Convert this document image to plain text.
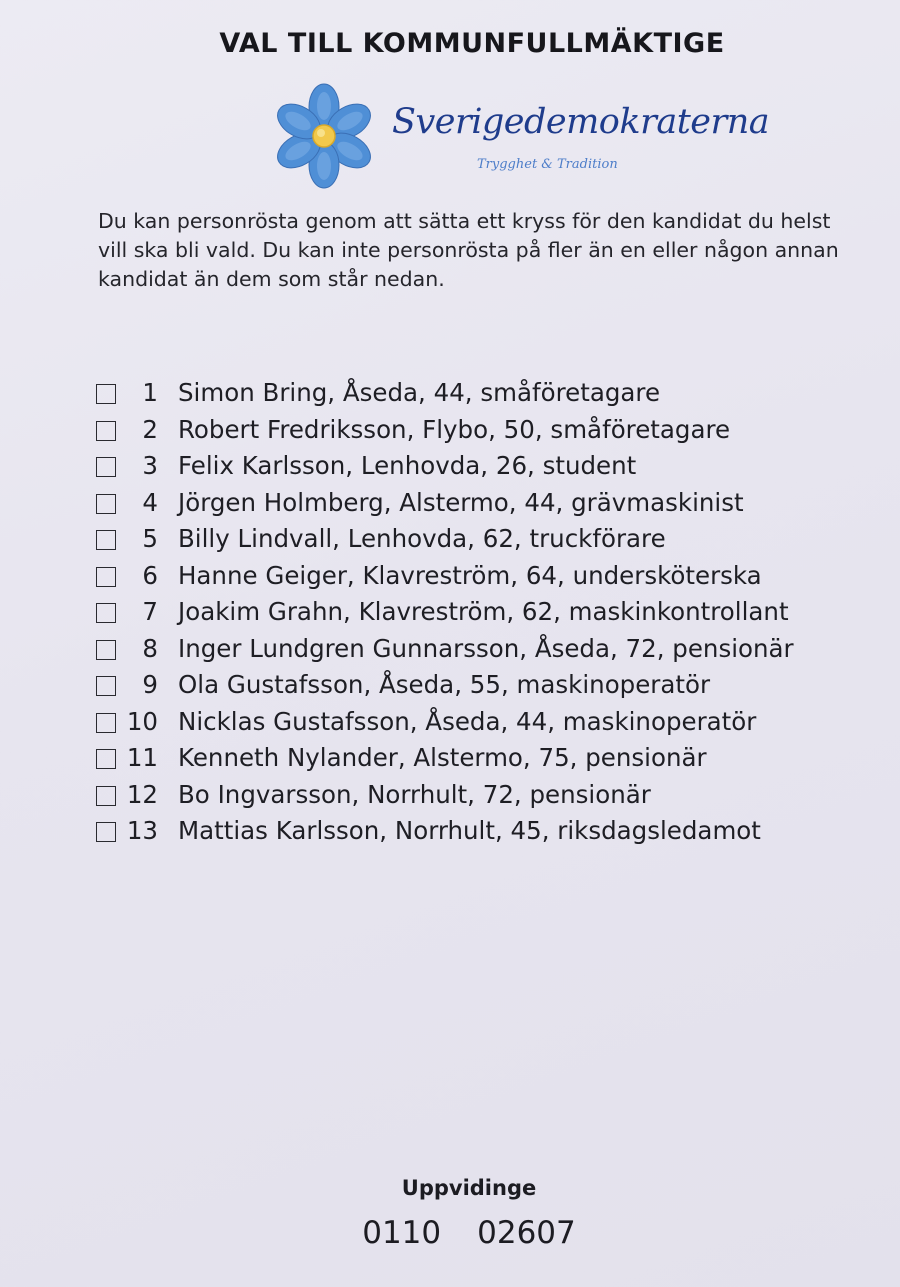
VAL TILL KOMMUNFULLMÄKTIGE
Sverigedemokraterna
Trygghet & Tradition
Du kan personrösta genom att sätta ett kryss för den kandidat du helst vill ska bli vald. Du kan inte personrösta på fler än en eller någon annan kandidat än dem som står nedan.
1 Simon Bring, Åseda, 44, småföretagare
2 Robert Fredriksson, Flybo, 50, småföretagare
3 Felix Karlsson, Lenhovda, 26, student
4 Jörgen Holmberg, Alstermo, 44, grävmaskinist
5 Billy Lindvall, Lenhovda, 62, truckförare
6 Hanne Geiger, Klavreström, 64, undersköterska
7 Joakim Grahn, Klavreström, 62, maskinkontrollant
8 Inger Lundgren Gunnarsson, Åseda, 72, pensionär
9 Ola Gustafsson, Åseda, 55, maskinoperatör
10 Nicklas Gustafsson, Åseda, 44, maskinoperatör
11 Kenneth Nylander, Alstermo, 75, pensionär
12 Bo Ingvarsson, Norrhult, 72, pensionär
13 Mattias Karlsson, Norrhult, 45, riksdagsledamot
Uppvidinge
0110 02607
